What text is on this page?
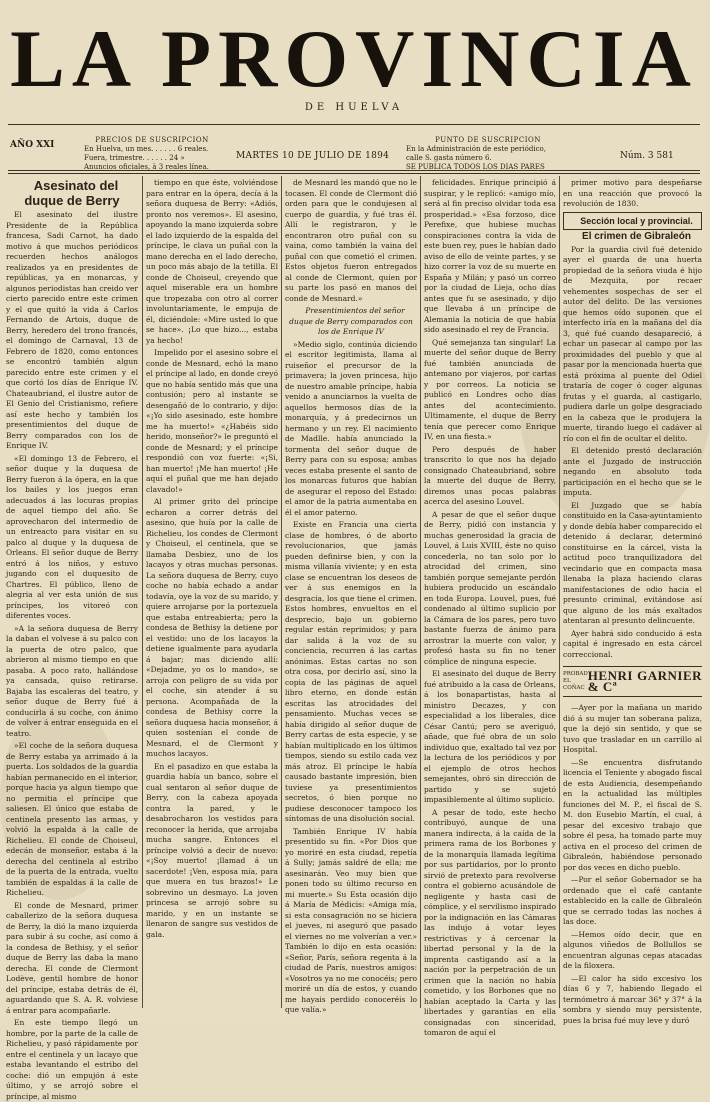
LA PROVINCIA
DE HUELVA
AÑO XXI	PRECIOS DE SUSCRIPCION
En Huelva, un mes. . . . . . 6 reales.
Fuera, trimestre. . . . . . 24 »
Anuncios oficiales, à 3 reales línea.
MARTES 10 DE JULIO DE 1894
PUNTO DE SUSCRIPCION
En la Administración de este periódico,
calle S. gasta número 6.
SE PUBLICA TODOS LOS DIAS PARES
Núm. 3 581

Asesinato del duque de Berry

El asesinato del ilustre Presidente de la República francesa, Sadi Carnot, ha dado motivo á que muchos periódicos recuerden hechos análogos realizados ya en presidentes de repúblicas, ya en monarcas, y algunos periodistas han creido ver cierto parecido entre este crimen y el que quitó la vida á Carlos Fernando de Artois, duque de Berry, heredero del trono francés, el domingo de Carnaval, 13 de Febrero de 1820, como entonces se encontró también algun parecido entre este crimen y el que cortó los días de Enrique IV. Chateaubriand, el ilustre autor de El Genio del Cristianismo, refiere así este hecho y también los presentimientos del duque de Berry comparados con los de Enrique IV.

«El domingo 13 de Febrero, el señor duque y la duquesa de Berry fueron á la ópera, en la que los bailes y los juegos eran adecuados á las locuras propias de aquel tiempo del año. Se aprovecharon del intermedio de un entreacto para visitar en su palco al duque y la duquesa de Orleans. El señor duque de Berry entró á los niños, y estuvo jugando con el duquesito de Chartres. El público, lleno de alegria al ver esta unión de sus príncipes, los vitoreó con diferentes voces.

»A la señora duquesa de Berry la daban el volvese á su palco con la puerta de otro palco, que abrieron al mismo tiempo en que pasaba. A poco rato, hallándose ya cansada, quiso retirarse. Bajaba las escaleras del teatro, y señor duque de Berry fué á conducirla á su coche, con ánimo de volver á entrar enseguida en el teatro.

»El coche de la señora duquesa de Berry estaba ya arrimado á la puerta. Los soldados de la guardia habían permanecido en el interior, porque hacia ya algun tiempo que no permitia el príncipe que saliesen. El único que estaba de centinela presento las armas, y volvió la espalda á la calle de Richelieu. El conde de Choiseul, edecán de monseñor, estaba á la derecha del centinela al estribo de la puerta de la entrada, vuelto también de espaldas á la calle de Richelieu.

El conde de Mesnard, primer caballerizo de la señora duquesa de Berry, la dió la mano izquierda para subir á su coche, así como á la condesa de Bethisy, y el señor duque de Berry las daba la mano derecha. El conde de Clermont Lodève, gentil hombre de honor del príncipe, estaba detrás de él, aguardando que S. A. R. volviese á entrar para acompañarle.

En este tiempo llegó un hombre, por la parte de la calle de Richelieu, y pasó rápidamente por entre el centinela y un lacayo que estaba levantando el estribo del coche: dió un empujón á este último, y se arrojó sobre el príncipe, al mismo

tiempo en que éste, volviéndose para entrar en la ópera, decía á la señora duquesa de Berry: «Adiós, pronto nos veremos». El asesino, apoyando la mano izquierda sobre el lado izquierdo de la espalda del príncipe, le clava un puñal con la mano derecha en el lado derecho, un poco más abajo de la tetilla. El conde de Choiseul, creyendo que aquel miserable era un hombre que tropezaba con otro al correr involuntariamente, le empuja de él, diciéndole: «Mire usted lo que se hace». ¡Lo que hizo..., estaba ya hecho!

Impelido por el asesino sobre el conde de Mesnard, echó la mano el príncipe al lado, en donde creyó que no había sentido más que una contusión; pero al instante se desengañó de lo contrario, y dijo: «¡Yo sido asesinado, este hombre me ha muerto!» «¿Habéis sido herido, monseñor?» le preguntó el conde de Mesnard; y el príncipe respondió con voz fuerte: «¡Si, han muerto! ¡Me han muerto! ¡He aquí el puñal que me han dejado clavado!»

Al primer grito del príncipe echaron a correr detrás del asesino, que huía por la calle de Richelieu, los condes de Clermont y Choiseul, el centinela, que se llamaba Desbiez, uno de los lacayos y otras muchas personas. La señora duquesa de Berry, cuyo coche no había echado a andar todavía, oye la voz de su marido, y quiere arrojarse por la portezuela que estaba entreabierta; pero la condesa de Bethisy la detiene por el vestido: uno de los lacayos la detiene igualmente para ayudarla á bajar; mas diciendo allí: «Dejadme, yo os lo mando», se arroja con peligro de su vida por el coche, sin atender á su persona. Acompañada de la condesa de Bethisy corre la señora duquesa hacia monseñor, á quien sostenían el conde de Mesnard, el de Clermont y muchos lacayos.

En el pasadizo en que estaba la guardia había un banco, sobre el cual sentaron al señor duque de Berry, con la cabeza apoyada contra la pared, y le desabrocharon los vestidos para reconocer la herida, que arrojaba mucha sangre. Entonces el príncipe volvió a decir de nuevo: «¡Soy muerto! ¡llamad á un sacerdote! ¡Ven, esposa mía, para que muera en tus brazos!» Le sobrevino un desmayo. La joven princesa se arrojó sobre su marido, y en un instante se llenaron de sangre sus vestidos de gala.

de Mesnard les mandó que no le tocasen. El conde de Clermont dió orden para que le condujesen al cuerpo de guardia, y fué tras él. Allí le registraron, y le encontraron otro puñal con su vaina, como también la vaina del puñal con que cometió el crimen. Estos objetos fueron entregados al conde de Clermont, quien por su parte los pasó en manos del conde de Mesnard.»

Presentimientos del señor duque de Berry comparados con los de Enrique IV

»Medio siglo, continúa diciendo el escritor legitimista, llama al ruiseñor el precursor de la primavera; la joven princesa, hijo de nuestro amable príncipe, había venido a anunciarnos la vuelta de aquellos hermosos días de la monarquía, y á predecirnos un hermano y un rey. El nacimiento de Madlle. había anunciado la tormenta del señor duque de Berry para con su esposa; ambas veces estaba presente el santo de los monarcas futuros que habían de asegurar el reposo del Estado: el amor de la patria aumentaba en él el amor paterno.

Existe en Francia una cierta clase de hombres, ó de aborto revolucionarios, que jamás pueden definirse bien, y con la misma villanía viviente; y en esta clase se encuentran los deseos de ver á sus enemigos en la desgracia, los que tiene el crimen. Estos hombres, envueltos en el desprecio, bajo un gobierno regular están reprimidos; y para dar salida á la voz de su conciencia, recurren á las cartas anónimas. Estas cartas no son otra cosa, por decirlo así, sino la copia de las páginas de aquel libro eterno, en donde están escritas las atrocidades del pensamiento. Muchas veces se había dirigido al señor duque de Berry cartas de esta especie, y se habían multiplicado en los últimos tiempos, siendo su estilo cada vez más atroz. El príncipe le había causado bastante impresión, bien tuviese ya presentimientos secretos, ó bien porque no pudiese desconocer tampoco los síntomas de una disolución social.

También Enrique IV había presentido su fin. «Por Dios que yo moriré en esta ciudad, repetía á Sully; jamás saldré de ella; me asesinarán. Veo muy bien que ponen todo su último recurso en mi muerte.» Su Esta ocasión dijo á María de Médicis: «Amiga mía, si esta consagración no se hiciera el jueves, ni aseguró que pasado el viernes no me volverían a ver.» También lo dijo en esta ocasión: «Señor, París, señora regenta á la ciudad de París, nuestros amigos: «Vosotros ya no me conocéis; pero moriré un día de estos, y cuando me hayais perdido conoceréis lo que valía.»

felicidades. Enrique principió á suspirar, y le replicó: «amigo mío, será al fin preciso olvidar toda esa prosperidad.» «Esa forzoso, dice Perefixe, que hubiese muchas conspiraciones contra la vida de este buen rey, pues le habían dado aviso de ello de veinte partes, y se hizo correr la voz de su muerte en España y Milán; y pasó un correo por la ciudad de Lieja, ocho días antes que fu se asesinado, y dijo que llevaba á un príncipe de Alemania la noticia de que había sido asesinado el rey de Francia.

Qué semejanza tan singular! La muerte del señor duque de Berry fué también anunciada de antemano por viajeros, por cartas y por correos. La noticia se publicó en Londres ocho días antes del acontecimiento. Ultimamente, el duque de Berry tenía que perecer como Enrique IV, en una fiesta.»

Pero después de haber transcrito lo que nos ha dejado consignado Chateaubriand, sobre la muerte del duque de Berry, diremos unas pocas palabras acerca del asesino Louvel.

A pesar de que el señor duque de Berry, pidió con instancia y muchas generosidad la gracia de Louvel, á Luis XVIII, éste no quiso concederla, no tan solo por lo atrocidad del crimen, sino también porque semejante perdón hubiera producido un escándalo en toda Europa. Louvel, pues, fué condenado al último suplicio por la Cámara de los pares, pero tuvo bastante fuerza de ánimo para arrostrar la muerte con valor, y profesó hasta su fin no tener cómplice de ninguna especie.

El asesinato del duque de Berry fué atribuido a la casa de Orleans, á los bonapartistas, hasta al ministro Decazes, y con especialidad a los liberales, dice César Cantú; pero se averiguó, añade, que fué obra de un solo individuo que, exaltado tal vez por la lectura de los periódicos y por el ejemplo de otros hechos semejantes, obró sin dirección de partido y se sujetó impasiblemente al último suplicio.

A pesar de todo, este hecho contribuyó, aunque de una manera indirecta, á la caída de la primera rama de los Borbones y de la monarquía llamada legítima por sus partidarios, por lo pronto sirvió de pretexto para revolverse contra el gobierno acusándole de negligente y hasta casi de cómplice, y el servilismo inspirado por la indignación en las Cámaras las indujo á votar leyes restrictivas y á cercenar la libertad personal y la de la imprenta castigando así a la nación por la perpetración de un crimen que la nación no había cometido, y los Borbones que no habían aceptado la Carta y las libertades y garantías en ella consignadas con sinceridad, tomaron de aquí el

primer motivo para despeñarse en una reacción que provocó la revolución de 1830.

Sección local y provincial.

El crimen de Gibraleón

Por la guardia civil fué detenido ayer el guarda de una huerta propiedad de la señora viuda é hijo de Mezquita, por recaer vehementes sospechas de ser el autor del delito. De las versiones que hemos oído suponen que el interfecto iría en la mañana del día 3, qué fué cuando desapareció, á echar un pasecar al campo por las proximidades del pueblo y que al pasar por la mencionada huerta que está próxima al puente del Odiel trataría de coger ó coger algunas frutas y el guarda, al castigarlo, pudiera darle un golpe desgraciado en la cabeza que le produjera la muerte, tirando luego el cadáver al río con el fin de ocultar el delito.

El detenido prestó declaración ante el Juzgado de instrucción negando en absoluto toda participación en el hecho que se le imputa.

El Juzgado que se había constituido en la Casa-ayuntamiento y donde debía haber comparecido el detenido á declarar, determinó constituirse en la cárcel, vista la actitud poco tranquilizadora del vecindario que en compacta masa llenaba la plaza haciendo claras manifestaciones de odio hacia el presunto criminal, evitándose así que alguno de los más exaltados atentaran al presunto delincuente.

Ayer habrá sido conducido á esta capital é ingresado en esta cárcel correccional.

PROBAD EL COÑAC
HENRI GARNIER & Cª

—Ayer por la mañana un marido dió á su mujer tan soberana paliza, que la dejó sin sentido, y que se tuvo que trasladar en un carrillo al Hospital.

—Se encuentra disfrutando licencia el Teniente y abogado fiscal de esta Audiencia, desempeñando en la actualidad las múltiples funciones del M. P., el fiscal de S. M. don Eusebio Martín, el cual, á pesar del excesivo trabajo que sobre él pesa, ha tomado parte muy activa en el proceso del crimen de Gibraleón, habiéndose personado por dos veces en dicho pueblo.

—Por el señor Gobernador se ha ordenado que el café cantante establecido en la calle de Gibraleón que se cerrado todas las noches á las doce.

—Hemos oído decir, que en algunos viñedos de Bollullos se encuentran algunas cepas atacadas de la filoxera.

—El calor ha sido excesivo los días 6 y 7, habiendo llegado el termómetro á marcar 36° y 37° á la sombra y siendo muy persistente, pues la brisa fué muy leve y duró
